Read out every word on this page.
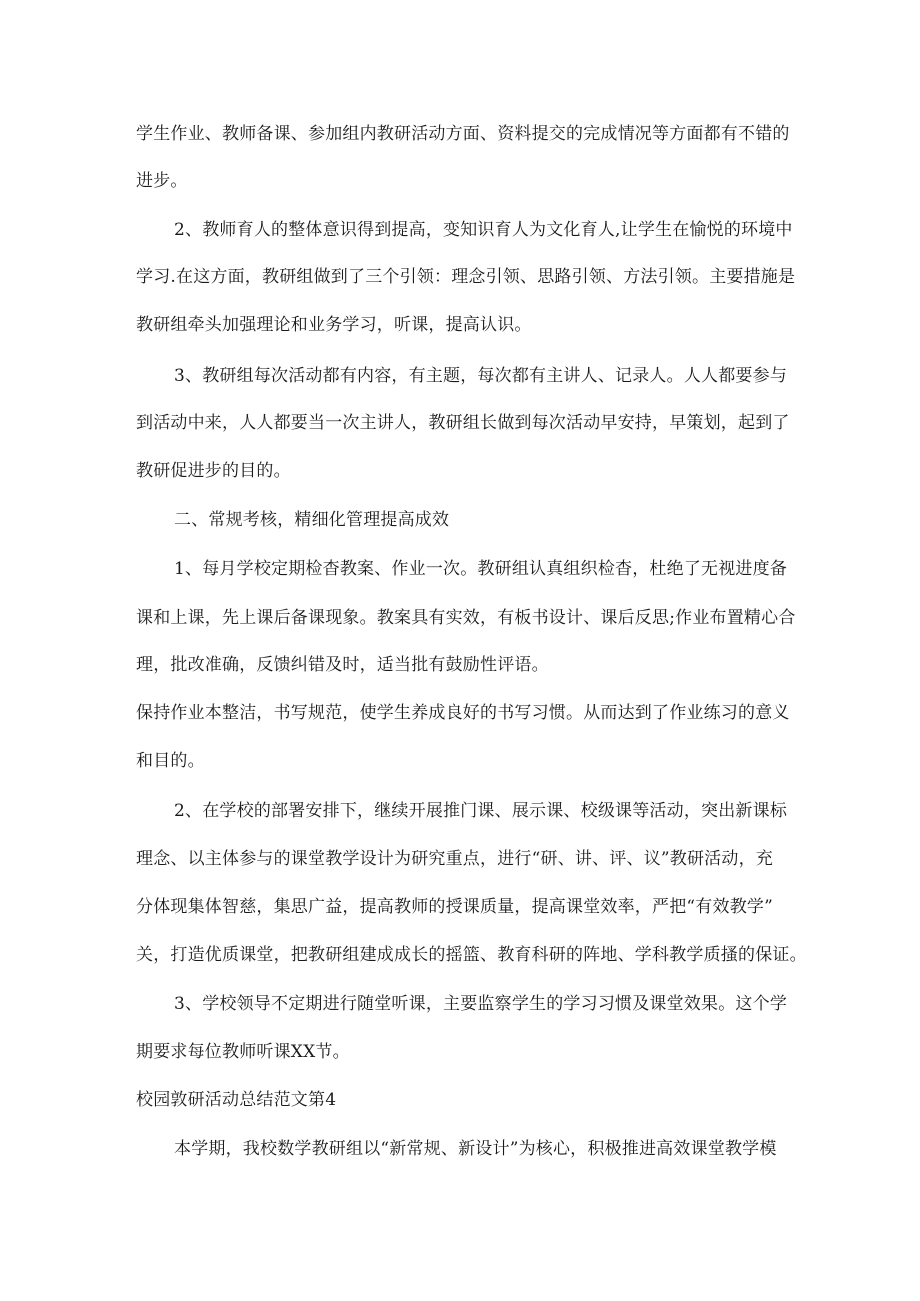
学生作业、教师备课、参加组内教研活动方面、资料提交的完成情况等方面都有不错的
进步。
2、教师育人的整体意识得到提高，变知识育人为文化育人,让学生在愉悦的环境中
学习.在这方面，教研组做到了三个引领：理念引领、思路引领、方法引领。主要措施是
教研组牵头加强理论和业务学习，听课，提高认识。
3、教研组每次活动都有内容，有主题，每次都有主讲人、记录人。人人都要参与
到活动中来，人人都要当一次主讲人，教研组长做到每次活动早安持，早策划，起到了
教研促进步的目的。
二、常规考核，精细化管理提高成效
1、每月学校定期检杳教案、作业一次。教研组认真组织检杳，杜绝了无视进度备
课和上课，先上课后备课现象。教案具有实效，有板书设计、课后反思;作业布置精心合
理，批改准确，反馈纠错及时，适当批有鼓励性评语。
保持作业本整洁，书写规范，使学生养成良好的书写习惯。从而达到了作业练习的意义
和目的。
2、在学校的部署安排下，继续开展推门课、展示课、校级课等活动，突出新课标
理念、以主体参与的课堂教学设计为研究重点，进行“研、讲、评、议”教研活动，充
分体现集体智慈，集思广益，提高教师的授课质量，提高课堂效率，严把“有效教学”
关，打造优质课堂，把教研组建成成长的摇篮、教育科研的阵地、学科教学质搔的保证。
3、学校领导不定期进行随堂听课，主要监察学生的学习习惯及课堂效果。这个学
期要求每位教师听课XX节。
校园敦研活动总结范文第4
本学期，我校数学教研组以“新常规、新设计”为核心，积极推进高效课堂教学模
